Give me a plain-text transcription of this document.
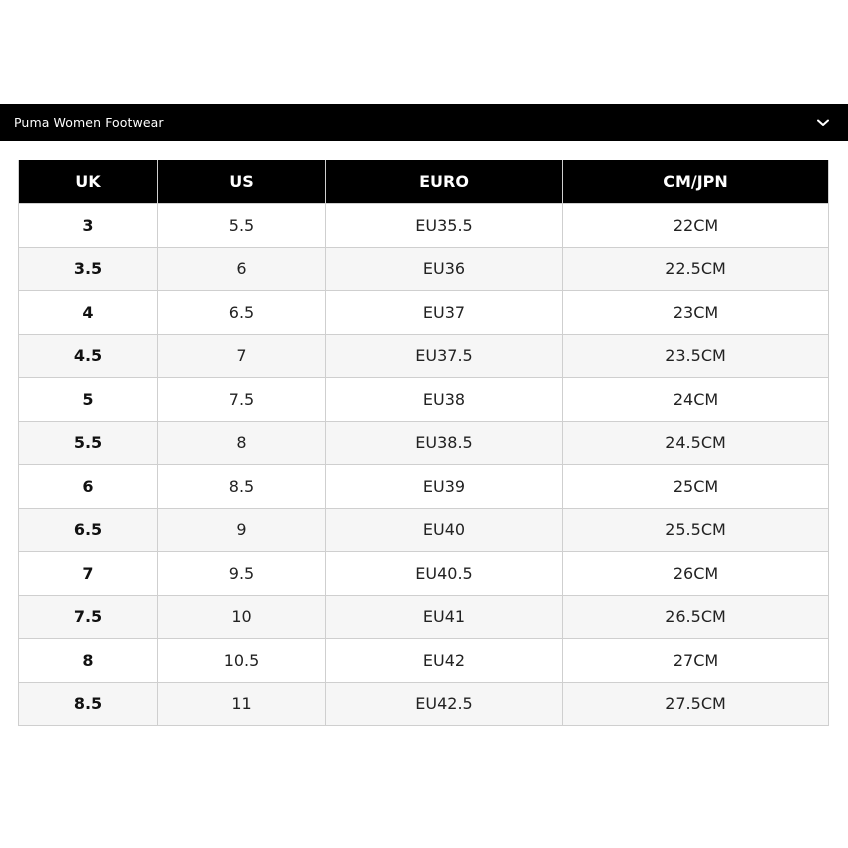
Puma Women Footwear
UK	US	EURO	CM/JPN
3	5.5	EU35.5	22CM
3.5	6	EU36	22.5CM
4	6.5	EU37	23CM
4.5	7	EU37.5	23.5CM
5	7.5	EU38	24CM
5.5	8	EU38.5	24.5CM
6	8.5	EU39	25CM
6.5	9	EU40	25.5CM
7	9.5	EU40.5	26CM
7.5	10	EU41	26.5CM
8	10.5	EU42	27CM
8.5	11	EU42.5	27.5CM
